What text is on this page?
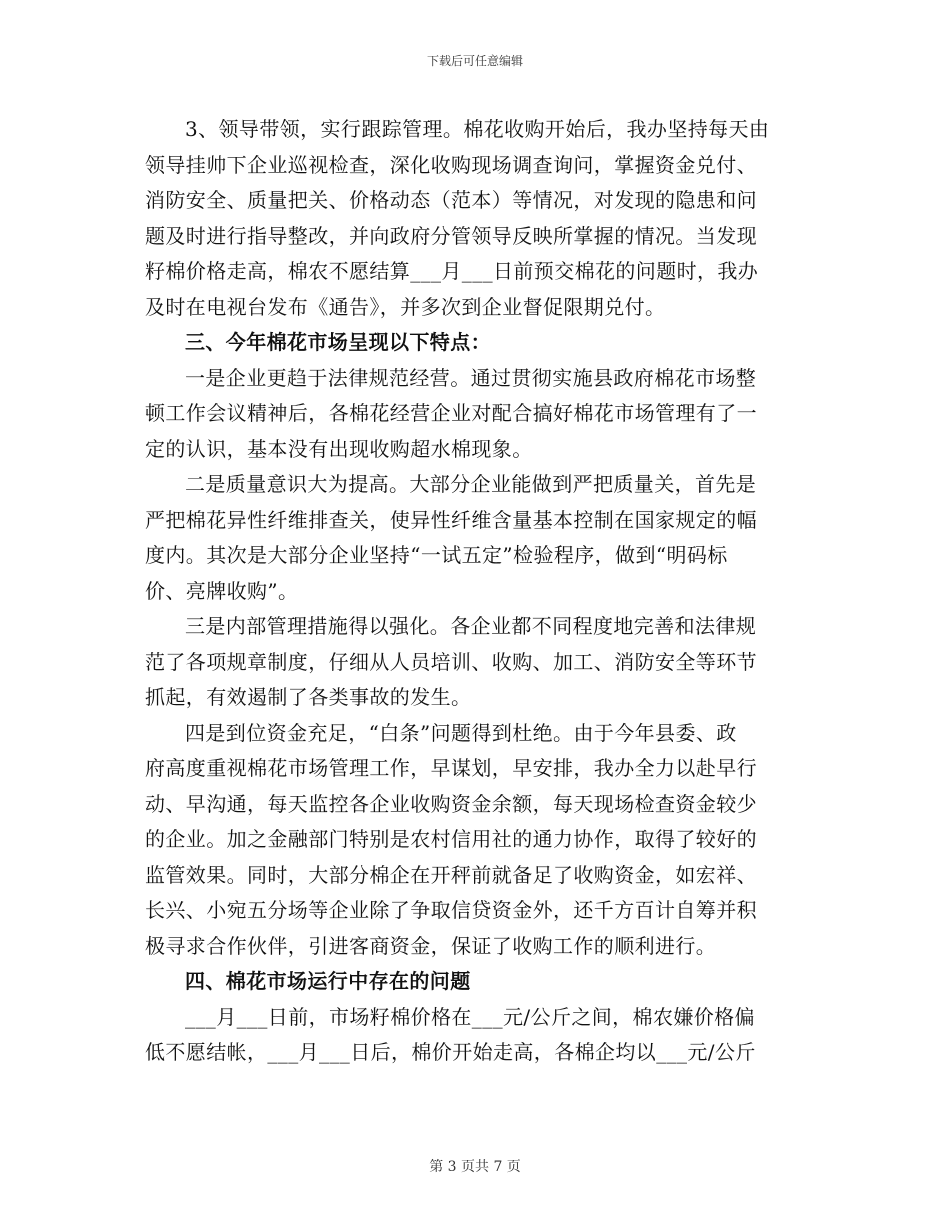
下载后可任意编辑
3、领导带领，实行跟踪管理。棉花收购开始后，我办坚持每天由
领导挂帅下企业巡视检查，深化收购现场调查询问，掌握资金兑付、
消防安全、质量把关、价格动态（范本）等情况，对发现的隐患和问
题及时进行指导整改，并向政府分管领导反映所掌握的情况。当发现
籽棉价格走高，棉农不愿结算___月___日前预交棉花的问题时，我办
及时在电视台发布《通告》，并多次到企业督促限期兑付。
三、今年棉花市场呈现以下特点：
一是企业更趋于法律规范经营。通过贯彻实施县政府棉花市场整
顿工作会议精神后，各棉花经营企业对配合搞好棉花市场管理有了一
定的认识，基本没有出现收购超水棉现象。
二是质量意识大为提高。大部分企业能做到严把质量关，首先是
严把棉花异性纤维排查关，使异性纤维含量基本控制在国家规定的幅
度内。其次是大部分企业坚持“一试五定”检验程序，做到“明码标
价、亮牌收购”。
三是内部管理措施得以强化。各企业都不同程度地完善和法律规
范了各项规章制度，仔细从人员培训、收购、加工、消防安全等环节
抓起，有效遏制了各类事故的发生。
四是到位资金充足，“白条”问题得到杜绝。由于今年县委、政
府高度重视棉花市场管理工作，早谋划，早安排，我办全力以赴早行
动、早沟通，每天监控各企业收购资金余额，每天现场检查资金较少
的企业。加之金融部门特别是农村信用社的通力协作，取得了较好的
监管效果。同时，大部分棉企在开秤前就备足了收购资金，如宏祥、
长兴、小宛五分场等企业除了争取信贷资金外，还千方百计自筹并积
极寻求合作伙伴，引进客商资金，保证了收购工作的顺利进行。
四、棉花市场运行中存在的问题
___月___日前，市场籽棉价格在___元/公斤之间，棉农嫌价格偏
低不愿结帐，___月___日后，棉价开始走高，各棉企均以___元/公斤
第 3 页共 7 页
